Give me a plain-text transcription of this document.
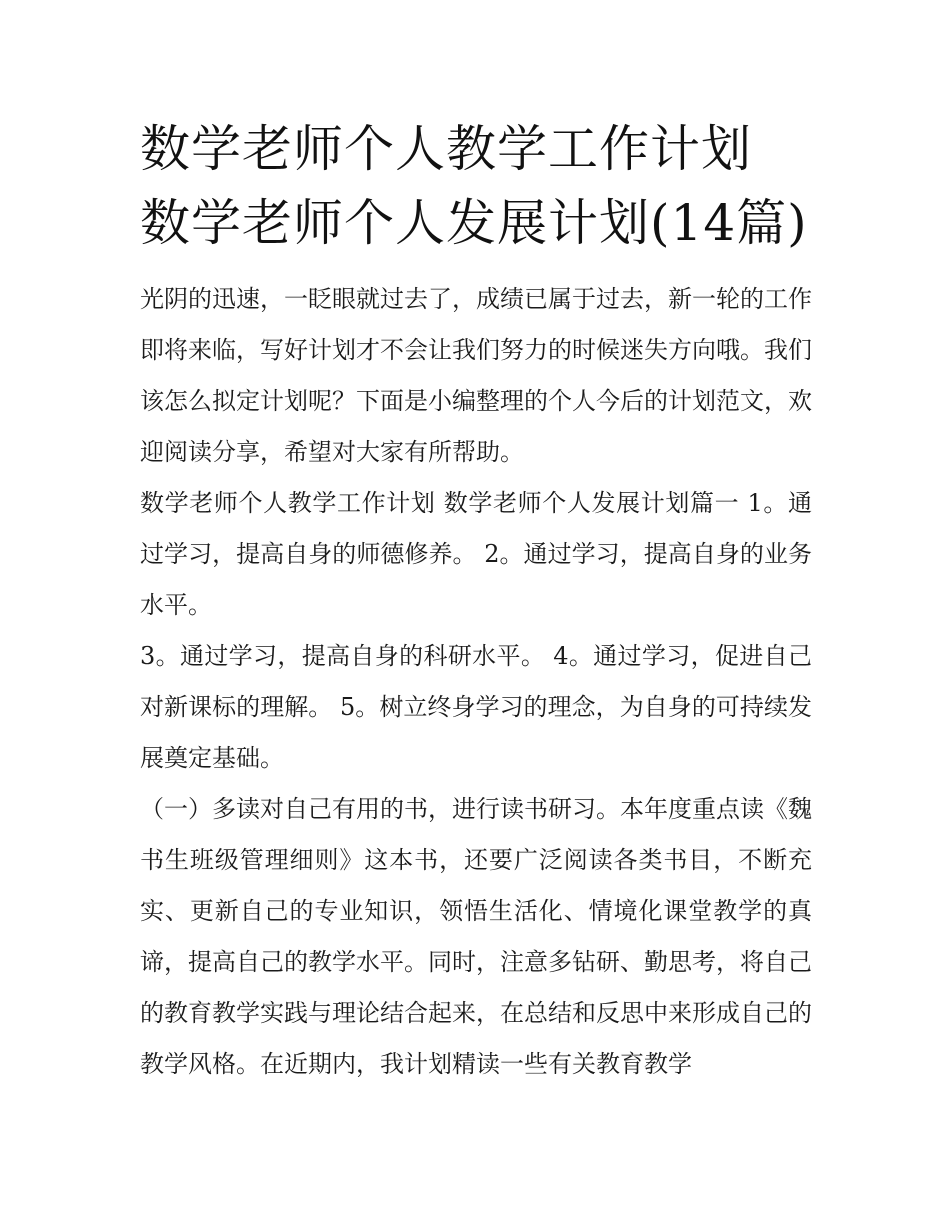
数学老师个人教学工作计划 数学老师个人发展计划(14篇)

光阴的迅速，一眨眼就过去了，成绩已属于过去，新一轮的工作即将来临，写好计划才不会让我们努力的时候迷失方向哦。我们该怎么拟定计划呢？下面是小编整理的个人今后的计划范文，欢迎阅读分享，希望对大家有所帮助。

数学老师个人教学工作计划 数学老师个人发展计划篇一 1。通过学习，提高自身的师德修养。 2。通过学习，提高自身的业务水平。

3。通过学习，提高自身的科研水平。 4。通过学习，促进自己对新课标的理解。 5。树立终身学习的理念，为自身的可持续发展奠定基础。

（一）多读对自己有用的书，进行读书研习。本年度重点读《魏书生班级管理细则》这本书，还要广泛阅读各类书目，不断充实、更新自己的专业知识，领悟生活化、情境化课堂教学的真谛，提高自己的教学水平。同时，注意多钻研、勤思考，将自己的教育教学实践与理论结合起来，在总结和反思中来形成自己的教学风格。在近期内，我计划精读一些有关教育教学
